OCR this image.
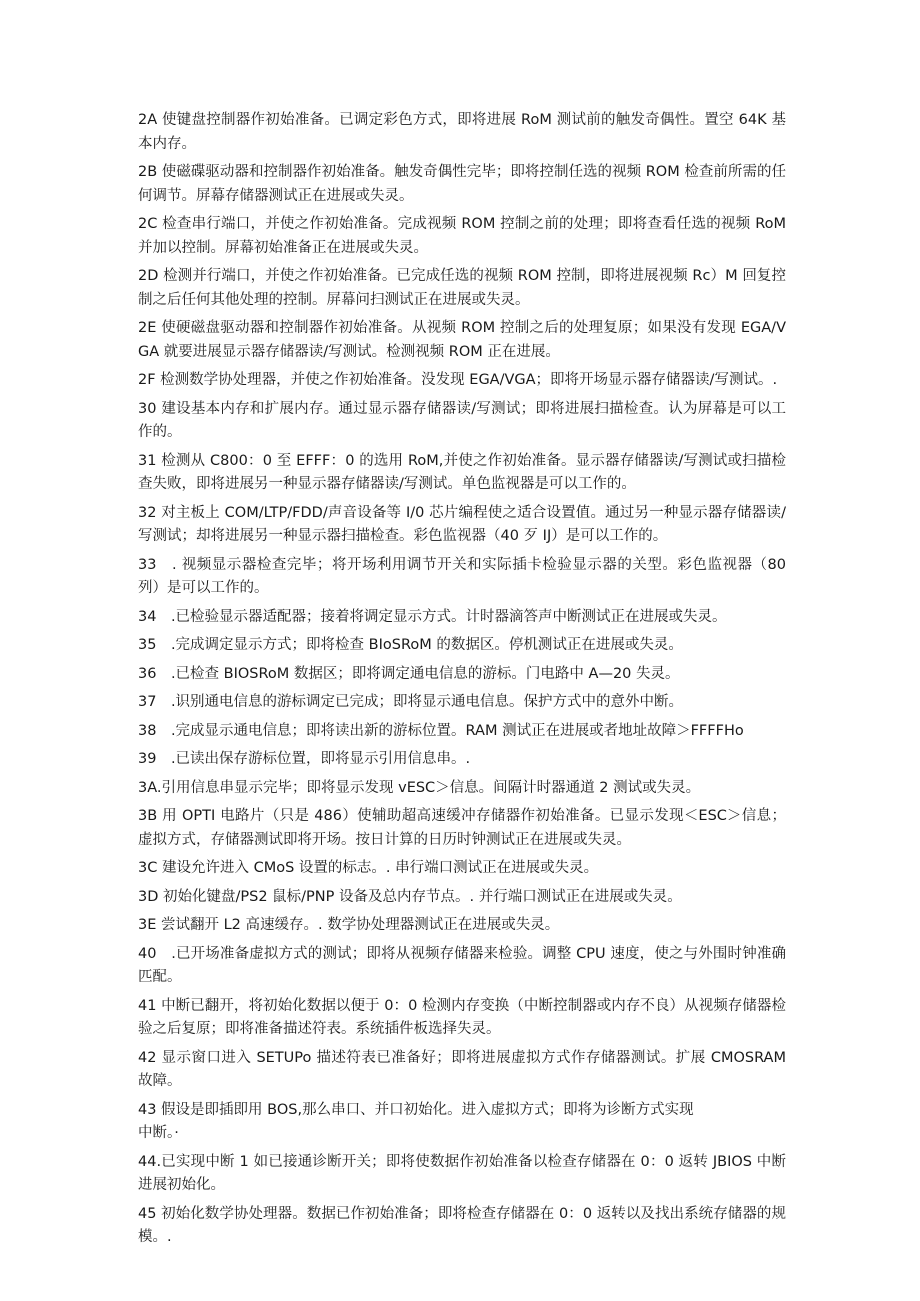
2A 使键盘控制器作初始准备。已调定彩色方式，即将进展 RoM 测试前的触发奇偶性。置空 64K 基本内存。

2B 使磁碟驱动器和控制器作初始准备。触发奇偶性完毕；即将控制任选的视频 ROM 检查前所需的任何调节。屏幕存储器测试正在进展或失灵。

2C 检查串行端口，并使之作初始准备。完成视频 ROM 控制之前的处理；即将查看任选的视频 RoM 并加以控制。屏幕初始准备正在进展或失灵。

2D 检测并行端口，并使之作初始准备。已完成任选的视频 ROM 控制，即将进展视频 Rc）M 回复控制之后任何其他处理的控制。屏幕问扫测试正在进展或失灵。

2E 使硬磁盘驱动器和控制器作初始准备。从视频 ROM 控制之后的处理复原；如果没有发现 EGA/VGA 就要进展显示器存储器读/写测试。检测视频 ROM 正在进展。

2F 检测数学协处理器，并使之作初始准备。没发现 EGA/VGA；即将开场显示器存储器读/写测试。.

30 建设基本内存和扩展内存。通过显示器存储器读/写测试；即将进展扫描检查。认为屏幕是可以工作的。

31 检测从 C800：0 至 EFFF：0 的选用 RoM,并使之作初始准备。显示器存储器读/写测试或扫描检查失败，即将进展另一种显示器存储器读/写测试。单色监视器是可以工作的。

32 对主板上 COM/LTP/FDD/声音设备等 I/0 芯片编程使之适合设置值。通过另一种显示器存储器读/写测试；却将进展另一种显示器扫描检查。彩色监视器（40 歹 IJ）是可以工作的。

33　. 视频显示器检查完毕；将开场利用调节开关和实际插卡检验显示器的关型。彩色监视器（80 列）是可以工作的。

34　.已检验显示器适配器；接着将调定显示方式。计时器滴答声中断测试正在进展或失灵。

35　.完成调定显示方式；即将检查 BIoSRoM 的数据区。停机测试正在进展或失灵。

36　.已检查 BIOSRoM 数据区；即将调定通电信息的游标。门电路中 A—20 失灵。

37　.识别通电信息的游标调定已完成；即将显示通电信息。保护方式中的意外中断。

38　.完成显示通电信息；即将读出新的游标位置。RAM 测试正在进展或者地址故障＞FFFFHo

39　.已读出保存游标位置，即将显示引用信息串。.

3A.引用信息串显示完毕；即将显示发现 vESC＞信息。间隔计时器通道 2 测试或失灵。

3B 用 OPTI 电路片（只是 486）使辅助超高速缓冲存储器作初始准备。已显示发现＜ESC＞信息；虚拟方式，存储器测试即将开场。按日计算的日历时钟测试正在进展或失灵。

3C 建设允许进入 CMoS 设置的标志。. 串行端口测试正在进展或失灵。

3D 初始化键盘/PS2 鼠标/PNP 设备及总内存节点。. 并行端口测试正在进展或失灵。

3E 尝试翻开 L2 高速缓存。. 数学协处理器测试正在进展或失灵。

40　.已开场准备虚拟方式的测试；即将从视频存储器来检验。调整 CPU 速度，使之与外围时钟准确匹配。

41 中断已翻开，将初始化数据以便于 0：0 检测内存变换（中断控制器或内存不良）从视频存储器检验之后复原；即将准备描述符表。系统插件板选择失灵。

42 显示窗口进入 SETUPo 描述符表已准备好；即将进展虚拟方式作存储器测试。扩展 CMOSRAM 故障。

43 假设是即插即用 BOS,那么串口、并口初始化。进入虚拟方式；即将为诊断方式实现
中断。·

44.已实现中断 1 如已接通诊断开关；即将使数据作初始准备以检查存储器在 0：0 返转 JBIOS 中断进展初始化。

45 初始化数学协处理器。数据已作初始准备；即将检查存储器在 0：0 返转以及找出系统存储器的规模。.
